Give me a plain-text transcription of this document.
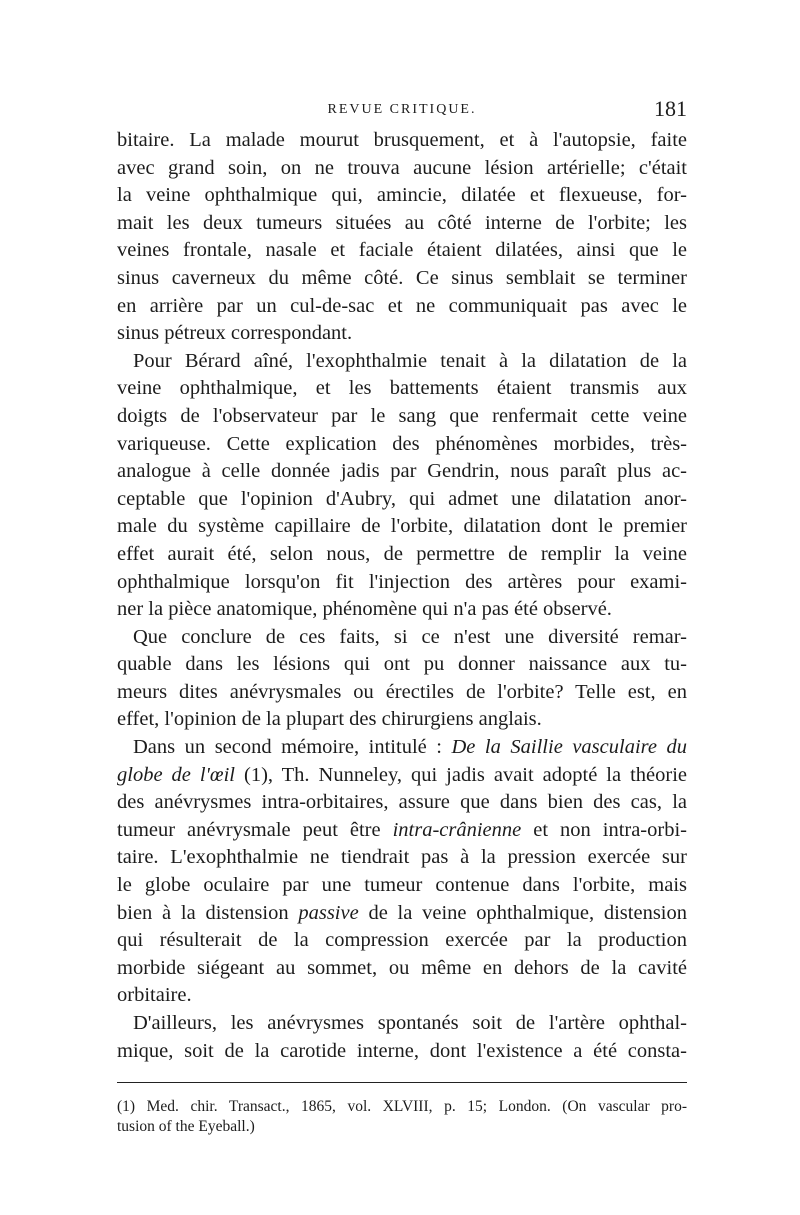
REVUE CRITIQUE.	181
bitaire. La malade mourut brusquement, et à l'autopsie, faite
avec grand soin, on ne trouva aucune lésion artérielle; c'était
la veine ophthalmique qui, amincie, dilatée et flexueuse, for-
mait les deux tumeurs situées au côté interne de l'orbite; les
veines frontale, nasale et faciale étaient dilatées, ainsi que le
sinus caverneux du même côté. Ce sinus semblait se terminer
en arrière par un cul-de-sac et ne communiquait pas avec le
sinus pétreux correspondant.
Pour Bérard aîné, l'exophthalmie tenait à la dilatation de la
veine ophthalmique, et les battements étaient transmis aux
doigts de l'observateur par le sang que renfermait cette veine
variqueuse. Cette explication des phénomènes morbides, très-
analogue à celle donnée jadis par Gendrin, nous paraît plus ac-
ceptable que l'opinion d'Aubry, qui admet une dilatation anor-
male du système capillaire de l'orbite, dilatation dont le premier
effet aurait été, selon nous, de permettre de remplir la veine
ophthalmique lorsqu'on fit l'injection des artères pour exami-
ner la pièce anatomique, phénomène qui n'a pas été observé.
Que conclure de ces faits, si ce n'est une diversité remar-
quable dans les lésions qui ont pu donner naissance aux tu-
meurs dites anévrysmales ou érectiles de l'orbite? Telle est, en
effet, l'opinion de la plupart des chirurgiens anglais.
Dans un second mémoire, intitulé : De la Saillie vasculaire du
globe de l'œil (1), Th. Nunneley, qui jadis avait adopté la théorie
des anévrysmes intra-orbitaires, assure que dans bien des cas, la
tumeur anévrysmale peut être intra-crânienne et non intra-orbi-
taire. L'exophthalmie ne tiendrait pas à la pression exercée sur
le globe oculaire par une tumeur contenue dans l'orbite, mais
bien à la distension passive de la veine ophthalmique, distension
qui résulterait de la compression exercée par la production
morbide siégeant au sommet, ou même en dehors de la cavité
orbitaire.
D'ailleurs, les anévrysmes spontanés soit de l'artère ophthal-
mique, soit de la carotide interne, dont l'existence a été consta-
(1) Med. chir. Transact., 1865, vol. XLVIII, p. 15; London. (On vascular pro-
tusion of the Eyeball.)
